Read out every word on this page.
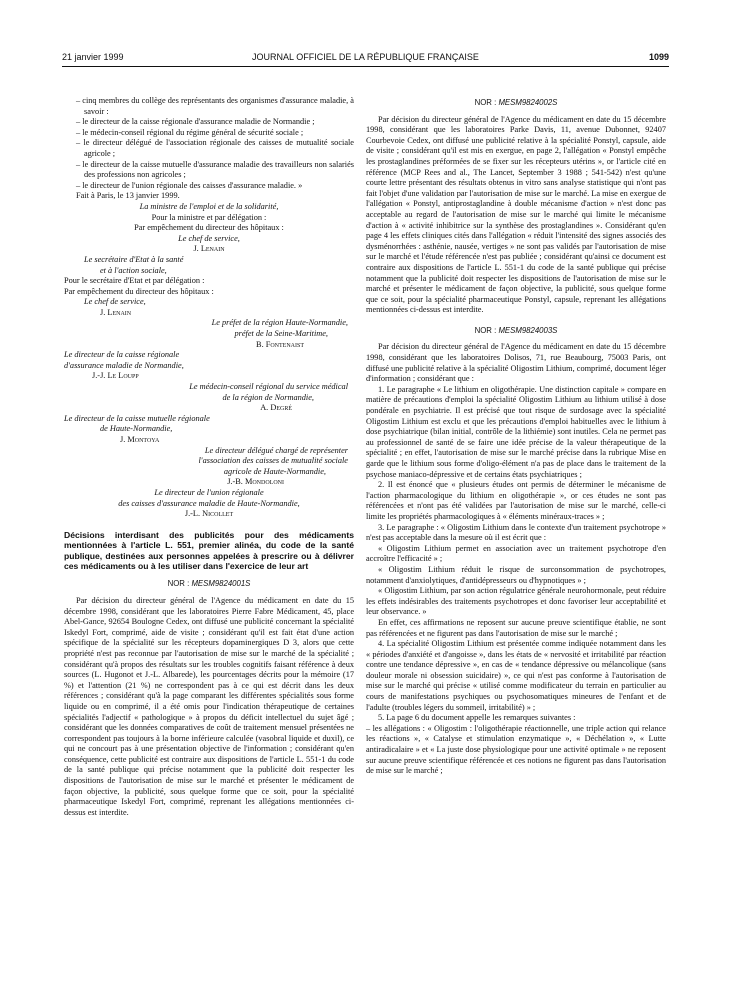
21 janvier 1999	JOURNAL OFFICIEL DE LA RÉPUBLIQUE FRANÇAISE	1099

– cinq membres du collège des représentants des organismes d'assurance maladie, à savoir :

– le directeur de la caisse régionale d'assurance maladie de Normandie ;

– le médecin-conseil régional du régime général de sécurité sociale ;

– le directeur délégué de l'association régionale des caisses de mutualité sociale agricole ;

– le directeur de la caisse mutuelle d'assurance maladie des travailleurs non salariés des professions non agricoles ;

– le directeur de l'union régionale des caisses d'assurance maladie. »

Fait à Paris, le 13 janvier 1999.

La ministre de l'emploi et de la solidarité,

Pour la ministre et par délégation :

Par empêchement du directeur des hôpitaux :

Le chef de service,

J. Lenain

Le secrétaire d'Etat à la santé

et à l'action sociale,

Pour le secrétaire d'Etat et par délégation :

Par empêchement du directeur des hôpitaux :

Le chef de service,

J. Lenain

Le préfet de la région Haute-Normandie,

préfet de la Seine-Maritime,

B. Fontenaist

Le directeur de la caisse régionale

d'assurance maladie de Normandie,

J.-J. Le Loupp

Le médecin-conseil régional du service médical

de la région de Normandie,

A. Degré

Le directeur de la caisse mutuelle régionale

de Haute-Normandie,

J. Montoya

Le directeur délégué chargé de représenter

l'association des caisses de mutualité sociale

agricole de Haute-Normandie,

J.-B. Mondoloni

Le directeur de l'union régionale

des caisses d'assurance maladie de Haute-Normandie,

J.-L. Nicollet

Décisions interdisant des publicités pour des médicaments mentionnées à l'article L. 551, premier alinéa, du code de la santé publique, destinées aux personnes appelées à prescrire ou à délivrer ces médicaments ou à les utiliser dans l'exercice de leur art

NOR : MESM9824001S

Par décision du directeur général de l'Agence du médicament en date du 15 décembre 1998, considérant que les laboratoires Pierre Fabre Médicament, 45, place Abel-Gance, 92654 Boulogne Cedex, ont diffusé une publicité concernant la spécialité Iskedyl Fort, comprimé, aide de visite ; considérant qu'il est fait état d'une action spécifique de la spécialité sur les récepteurs dopaminergiques D 3, alors que cette propriété n'est pas reconnue par l'autorisation de mise sur le marché de la spécialité ; considérant qu'à propos des résultats sur les troubles cognitifs faisant référence à deux sources (L. Hugonot et J.-L. Albarede), les pourcentages décrits pour la mémoire (17 %) et l'attention (21 %) ne correspondent pas à ce qui est décrit dans les deux références ; considérant qu'à la page comparant les différentes spécialités sous forme liquide ou en comprimé, il a été omis pour l'indication thérapeutique de certaines spécialités l'adjectif « pathologique » à propos du déficit intellectuel du sujet âgé ; considérant que les données comparatives de coût de traitement mensuel présentées ne correspondent pas toujours à la borne inférieure calculée (vasobral liquide et duxil), ce qui ne concourt pas à une présentation objective de l'information ; considérant qu'en conséquence, cette publicité est contraire aux dispositions de l'article L. 551-1 du code de la santé publique qui précise notamment que la publicité doit respecter les dispositions de l'autorisation de mise sur le marché et présenter le médicament de façon objective, la publicité, sous quelque forme que ce soit, pour la spécialité pharmaceutique Iskedyl Fort, comprimé, reprenant les allégations mentionnées ci-dessus est interdite.

NOR : MESM9824002S

Par décision du directeur général de l'Agence du médicament en date du 15 décembre 1998, considérant que les laboratoires Parke Davis, 11, avenue Dubonnet, 92407 Courbevoie Cedex, ont diffusé une publicité relative à la spécialité Ponstyl, capsule, aide de visite ; considérant qu'il est mis en exergue, en page 2, l'allégation « Ponstyl empêche les prostaglandines préformées de se fixer sur les récepteurs utérins », or l'article cité en référence (MCP Rees and al., The Lancet, September 3 1988 ; 541-542) n'est qu'une courte lettre présentant des résultats obtenus in vitro sans analyse statistique qui n'ont pas fait l'objet d'une validation par l'autorisation de mise sur le marché. La mise en exergue de l'allégation « Ponstyl, antiprostaglandine à double mécanisme d'action » n'est donc pas acceptable au regard de l'autorisation de mise sur le marché qui limite le mécanisme d'action à « activité inhibitrice sur la synthèse des prostaglandines ». Considérant qu'en page 4 les effets cliniques cités dans l'allégation « réduit l'intensité des signes associés des dysménorrhées : asthénie, nausée, vertiges » ne sont pas validés par l'autorisation de mise sur le marché et l'étude référencée n'est pas publiée ; considérant qu'ainsi ce document est contraire aux dispositions de l'article L. 551-1 du code de la santé publique qui précise notamment que la publicité doit respecter les dispositions de l'autorisation de mise sur le marché et présenter le médicament de façon objective, la publicité, sous quelque forme que ce soit, pour la spécialité pharmaceutique Ponstyl, capsule, reprenant les allégations mentionnées ci-dessus est interdite.

NOR : MESM9824003S

Par décision du directeur général de l'Agence du médicament en date du 15 décembre 1998, considérant que les laboratoires Dolisos, 71, rue Beaubourg, 75003 Paris, ont diffusé une publicité relative à la spécialité Oligostim Lithium, comprimé, document léger d'information ; considérant que :

1. Le paragraphe « Le lithium en oligothérapie. Une distinction capitale » compare en matière de précautions d'emploi la spécialité Oligostim Lithium au lithium utilisé à dose pondérale en psychiatrie. Il est précisé que tout risque de surdosage avec la spécialité Oligostim Lithium est exclu et que les précautions d'emploi habituelles avec le lithium à dose psychiatrique (bilan initial, contrôle de la lithiémie) sont inutiles. Cela ne permet pas au professionnel de santé de se faire une idée précise de la valeur thérapeutique de la spécialité ; en effet, l'autorisation de mise sur le marché précise dans la rubrique Mise en garde que le lithium sous forme d'oligo-élément n'a pas de place dans le traitement de la psychose maniaco-dépressive et de certains états psychiatriques ;

2. Il est énoncé que « plusieurs études ont permis de déterminer le mécanisme de l'action pharmacologique du lithium en oligothérapie », or ces études ne sont pas référencées et n'ont pas été validées par l'autorisation de mise sur le marché, celle-ci limite les propriétés pharmacologiques à « éléments minéraux-traces » ;

3. Le paragraphe : « Oligostim Lithium dans le contexte d'un traitement psychotrope » n'est pas acceptable dans la mesure où il est écrit que :

« Oligostim Lithium permet en association avec un traitement psychotrope d'en accroître l'efficacité » ;

« Oligostim Lithium réduit le risque de surconsommation de psychotropes, notamment d'anxiolytiques, d'antidépresseurs ou d'hypnotiques » ;

« Oligostim Lithium, par son action régulatrice générale neurohormonale, peut réduire les effets indésirables des traitements psychotropes et donc favoriser leur acceptabilité et leur observance. »

En effet, ces affirmations ne reposent sur aucune preuve scientifique établie, ne sont pas référencées et ne figurent pas dans l'autorisation de mise sur le marché ;

4. La spécialité Oligostim Lithium est présentée comme indiquée notamment dans les « périodes d'anxiété et d'angoisse », dans les états de « nervosité et irritabilité par réaction contre une tendance dépressive », en cas de « tendance dépressive ou mélancolique (sans douleur morale ni obsession suicidaire) », ce qui n'est pas conforme à l'autorisation de mise sur le marché qui précise « utilisé comme modificateur du terrain en particulier au cours de manifestations psychiques ou psychosomatiques mineures de l'enfant et de l'adulte (troubles légers du sommeil, irritabilité) » ;

5. La page 6 du document appelle les remarques suivantes :

– les allégations : « Oligostim : l'oligothérapie réactionnelle, une triple action qui relance les réactions », « Catalyse et stimulation enzymatique », « Déchélation », « Lutte antiradicalaire » et « La juste dose physiologique pour une activité optimale » ne reposent sur aucune preuve scientifique référencée et ces notions ne figurent pas dans l'autorisation de mise sur le marché ;
